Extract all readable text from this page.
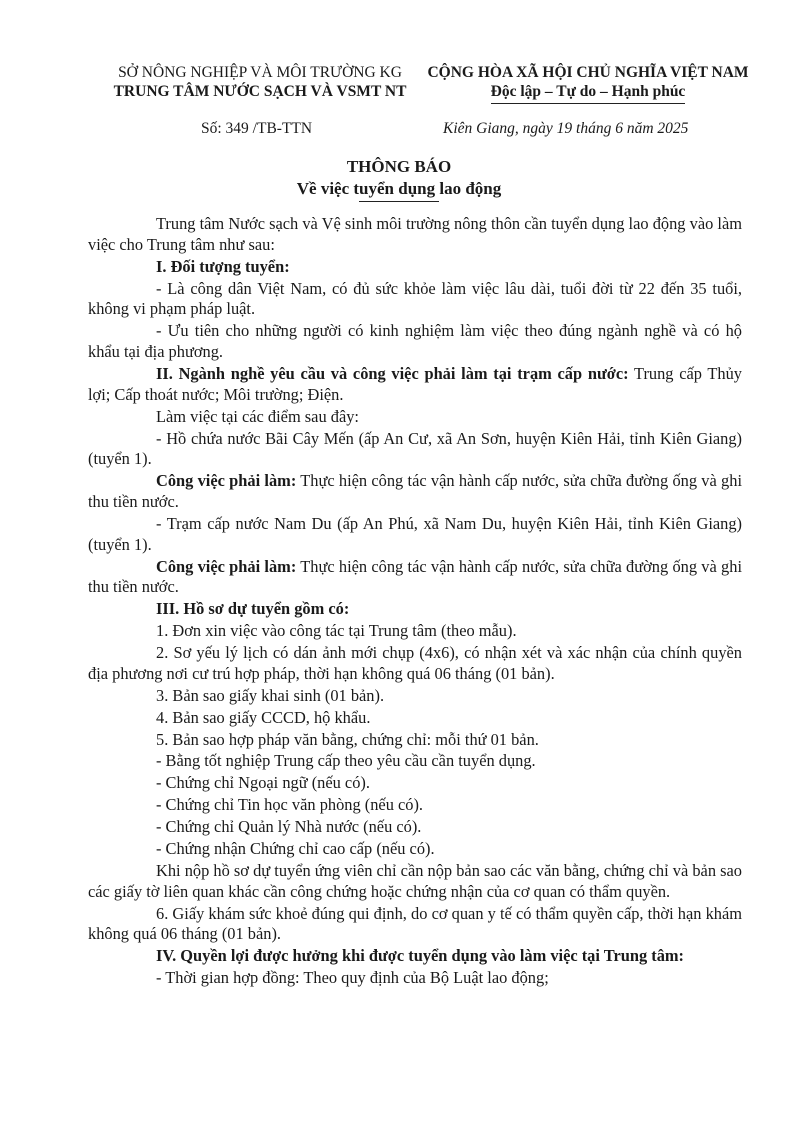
SỞ NÔNG NGHIỆP VÀ MÔI TRƯỜNG KG
TRUNG TÂM NƯỚC SẠCH VÀ VSMT NT
CỘNG HÒA XÃ HỘI CHỦ NGHĨA VIỆT NAM
Độc lập – Tự do – Hạnh phúc
Số: 349 /TB-TTN	Kiên Giang, ngày 19 tháng 6 năm 2025
THÔNG BÁO
Về việc tuyển dụng lao động

Trung tâm Nước sạch và Vệ sinh môi trường nông thôn cần tuyển dụng lao động vào làm việc cho Trung tâm như sau:

I. Đối tượng tuyển:

- Là công dân Việt Nam, có đủ sức khỏe làm việc lâu dài, tuổi đời từ 22 đến 35 tuổi, không vi phạm pháp luật.

- Ưu tiên cho những người có kinh nghiệm làm việc theo đúng ngành nghề và có hộ khẩu tại địa phương.

II. Ngành nghề yêu cầu và công việc phải làm tại trạm cấp nước: Trung cấp Thủy lợi; Cấp thoát nước; Môi trường; Điện.

Làm việc tại các điểm sau đây:

- Hồ chứa nước Bãi Cây Mến (ấp An Cư, xã An Sơn, huyện Kiên Hải, tỉnh Kiên Giang) (tuyển 1).

Công việc phải làm: Thực hiện công tác vận hành cấp nước, sửa chữa đường ống và ghi thu tiền nước.

- Trạm cấp nước Nam Du (ấp An Phú, xã Nam Du, huyện Kiên Hải, tỉnh Kiên Giang) (tuyển 1).

Công việc phải làm: Thực hiện công tác vận hành cấp nước, sửa chữa đường ống và ghi thu tiền nước.

III. Hồ sơ dự tuyển gồm có:

1. Đơn xin việc vào công tác tại Trung tâm (theo mẫu).

2. Sơ yếu lý lịch có dán ảnh mới chụp (4x6), có nhận xét và xác nhận của chính quyền địa phương nơi cư trú hợp pháp, thời hạn không quá 06 tháng (01 bản).

3. Bản sao giấy khai sinh (01 bản).

4. Bản sao giấy CCCD, hộ khẩu.

5. Bản sao hợp pháp văn bằng, chứng chỉ: mỗi thứ 01 bản.

- Bằng tốt nghiệp Trung cấp theo yêu cầu cần tuyển dụng.

- Chứng chỉ Ngoại ngữ (nếu có).

- Chứng chỉ Tin học văn phòng (nếu có).

- Chứng chỉ Quản lý Nhà nước (nếu có).

- Chứng nhận Chứng chỉ cao cấp (nếu có).

Khi nộp hồ sơ dự tuyển ứng viên chỉ cần nộp bản sao các văn bằng, chứng chỉ và bản sao các giấy tờ liên quan khác cần công chứng hoặc chứng nhận của cơ quan có thẩm quyền.

6. Giấy khám sức khoẻ đúng qui định, do cơ quan y tế có thẩm quyền cấp, thời hạn khám không quá 06 tháng (01 bản).

IV. Quyền lợi được hưởng khi được tuyển dụng vào làm việc tại Trung tâm:

- Thời gian hợp đồng: Theo quy định của Bộ Luật lao động;
